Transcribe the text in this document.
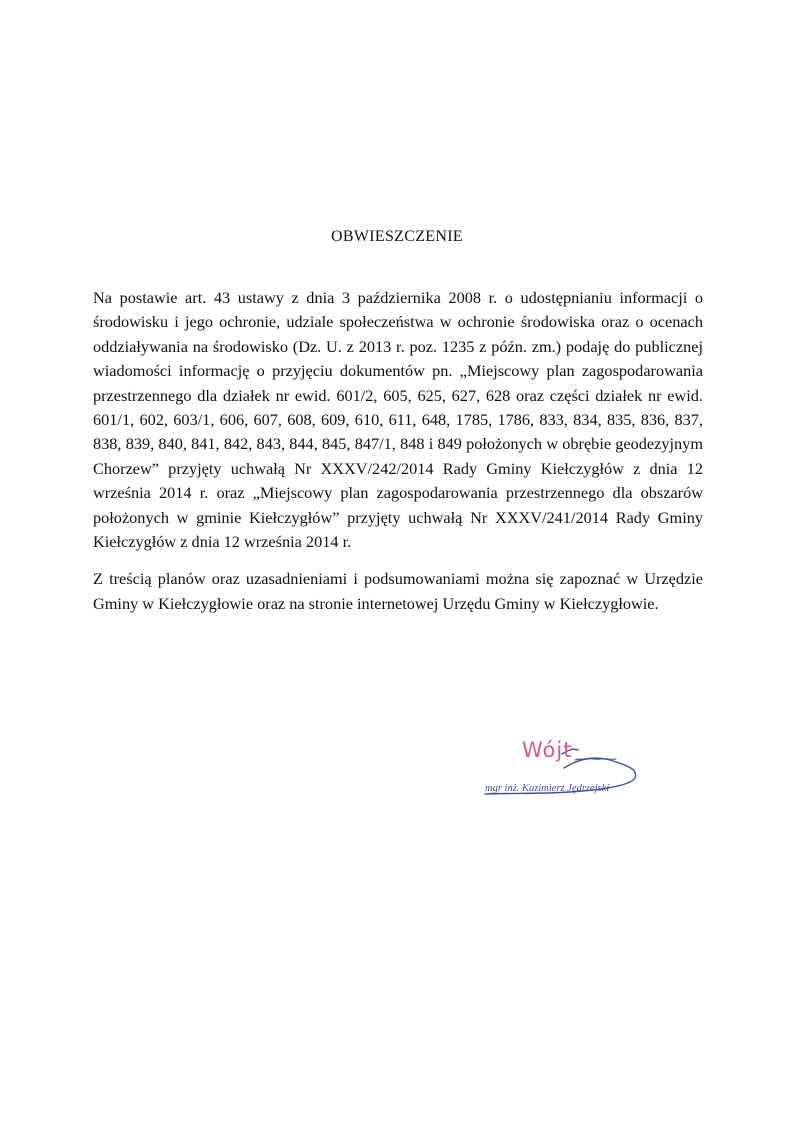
OBWIESZCZENIE

Na postawie art. 43 ustawy z dnia 3 października 2008 r. o udostępnianiu informacji o środowisku i jego ochronie, udziale społeczeństwa w ochronie środowiska oraz o ocenach oddziaływania na środowisko (Dz. U. z 2013 r. poz. 1235 z późn. zm.) podaję do publicznej wiadomości informację o przyjęciu dokumentów pn. „Miejscowy plan zagospodarowania przestrzennego dla działek nr ewid. 601/2, 605, 625, 627, 628 oraz części działek nr ewid. 601/1, 602, 603/1, 606, 607, 608, 609, 610, 611, 648, 1785, 1786, 833, 834, 835, 836, 837, 838, 839, 840, 841, 842, 843, 844, 845, 847/1, 848 i 849 położonych w obrębie geodezyjnym Chorzew” przyjęty uchwałą Nr XXXV/242/2014 Rady Gminy Kiełczygłów z dnia 12 września 2014 r. oraz „Miejscowy plan zagospodarowania przestrzennego dla obszarów położonych w gminie Kiełczygłów” przyjęty uchwałą Nr XXXV/241/2014 Rady Gminy Kiełczygłów z dnia 12 września 2014 r.

Z treścią planów oraz uzasadnieniami i podsumowaniami można się zapoznać w Urzędzie Gminy w Kiełczygłowie oraz na stronie internetowej Urzędu Gminy w Kiełczygłowie.

Wójt
mgr inż. Kazimierz Jędrzejski
